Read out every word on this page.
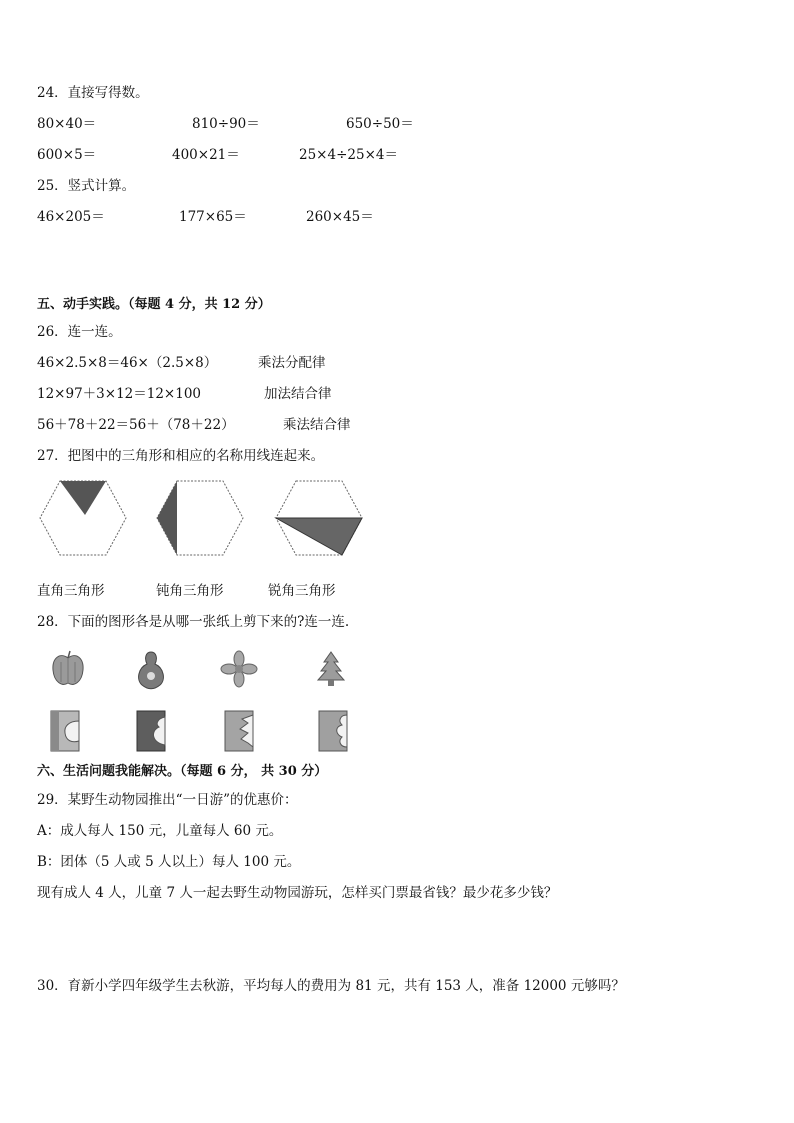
24．直接写得数。
80×40＝	810÷90＝	650÷50＝
600×5＝	400×21＝	25×4÷25×4＝
25．竖式计算。
46×205＝	177×65＝	260×45＝
五、动手实践。（每题 4 分，共 12 分）
26．连一连。
46×2.5×8＝46×（2.5×8）	乘法分配律
12×97＋3×12＝12×100	加法结合律
56＋78＋22＝56＋（78＋22）	乘法结合律
27．把图中的三角形和相应的名称用线连起来。
直角三角形	钝角三角形	锐角三角形
28．下面的图形各是从哪一张纸上剪下来的?连一连.
六、生活问题我能解决。（每题 6 分， 共 30 分）
29．某野生动物园推出“一日游”的优惠价：
A：成人每人 150 元，儿童每人 60 元。
B：团体（5 人或 5 人以上）每人 100 元。
现有成人 4 人，儿童 7 人一起去野生动物园游玩，怎样买门票最省钱？最少花多少钱？
30．育新小学四年级学生去秋游，平均每人的费用为 81 元，共有 153 人，准备 12000 元够吗？
